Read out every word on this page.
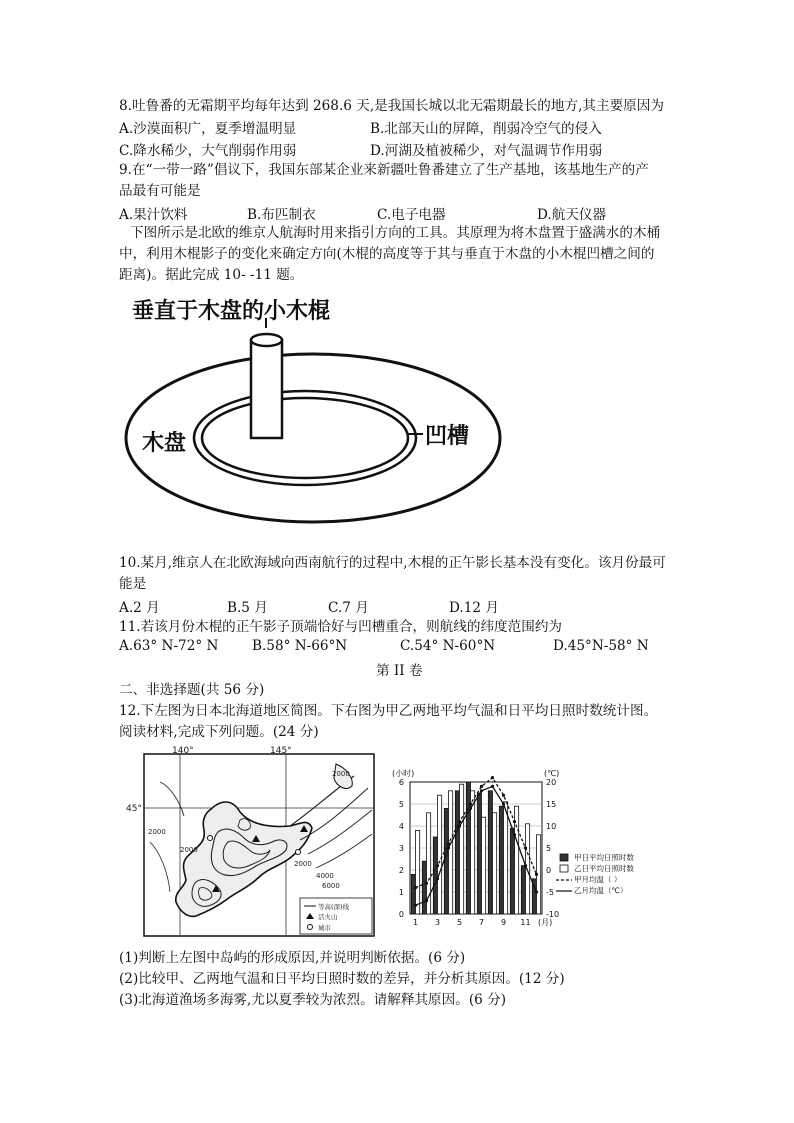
8.吐鲁番的无霜期平均每年达到 268.6 天,是我国长城以北无霜期最长的地方,其主要原因为
A.沙漠面积广，夏季增温明显	B.北部天山的屏障，削弱冷空气的侵入
C.降水稀少，大气削弱作用弱	D.河湖及植被稀少，对气温调节作用弱
9.在“一带一路”倡议下，我国东部某企业来新疆吐鲁番建立了生产基地，该基地生产的产
品最有可能是
A.果汁饮料	B.布匹制衣	C.电子电器	D.航天仪器
下图所示是北欧的维京人航海时用来指引方向的工具。其原理为将木盘置于盛满水的木桶
中，利用木棍影子的变化来确定方向(木棍的高度等于其与垂直于木盘的小木棍凹槽之间的
距离)。据此完成 10- -11 题。
垂直于木盘的小木棍
木盘	凹槽
10.某月,维京人在北欧海域向西南航行的过程中,木棍的正午影长基本没有变化。该月份最可
能是
A.2 月	B.5 月	C.7 月	D.12 月
11.若该月份木棍的正午影子顶端恰好与凹槽重合，则航线的纬度范围约为
A.63° N-72° N B.58° N-66°N	C.54° N-60°N	D.45°N-58° N
第 II 卷
二、非选择题(共 56 分)
12.下左图为日本北海道地区简图。下右图为甲乙两地平均气温和日平均日照时数统计图。
阅读材料,完成下列问题。(24 分)
140°	145°
45°
2000
2000
2000
4000
6000
2000
等高(深)线
活火山
城市
0
1
2
3
4
5
6
-10
-5
0
5
10
15
20
(小时)	(℃)
1 3 5 7 9 11 (月)
甲日平均日照时数
乙日平均日照时数
甲月均温（ ）
乙月均温（℃）
(1)判断上左图中岛屿的形成原因,并说明判断依据。(6 分)
(2)比较甲、乙两地气温和日平均日照时数的差异，并分析其原因。(12 分)
(3)北海道渔场多海雾,尤以夏季较为浓烈。请解释其原因。(6 分)
